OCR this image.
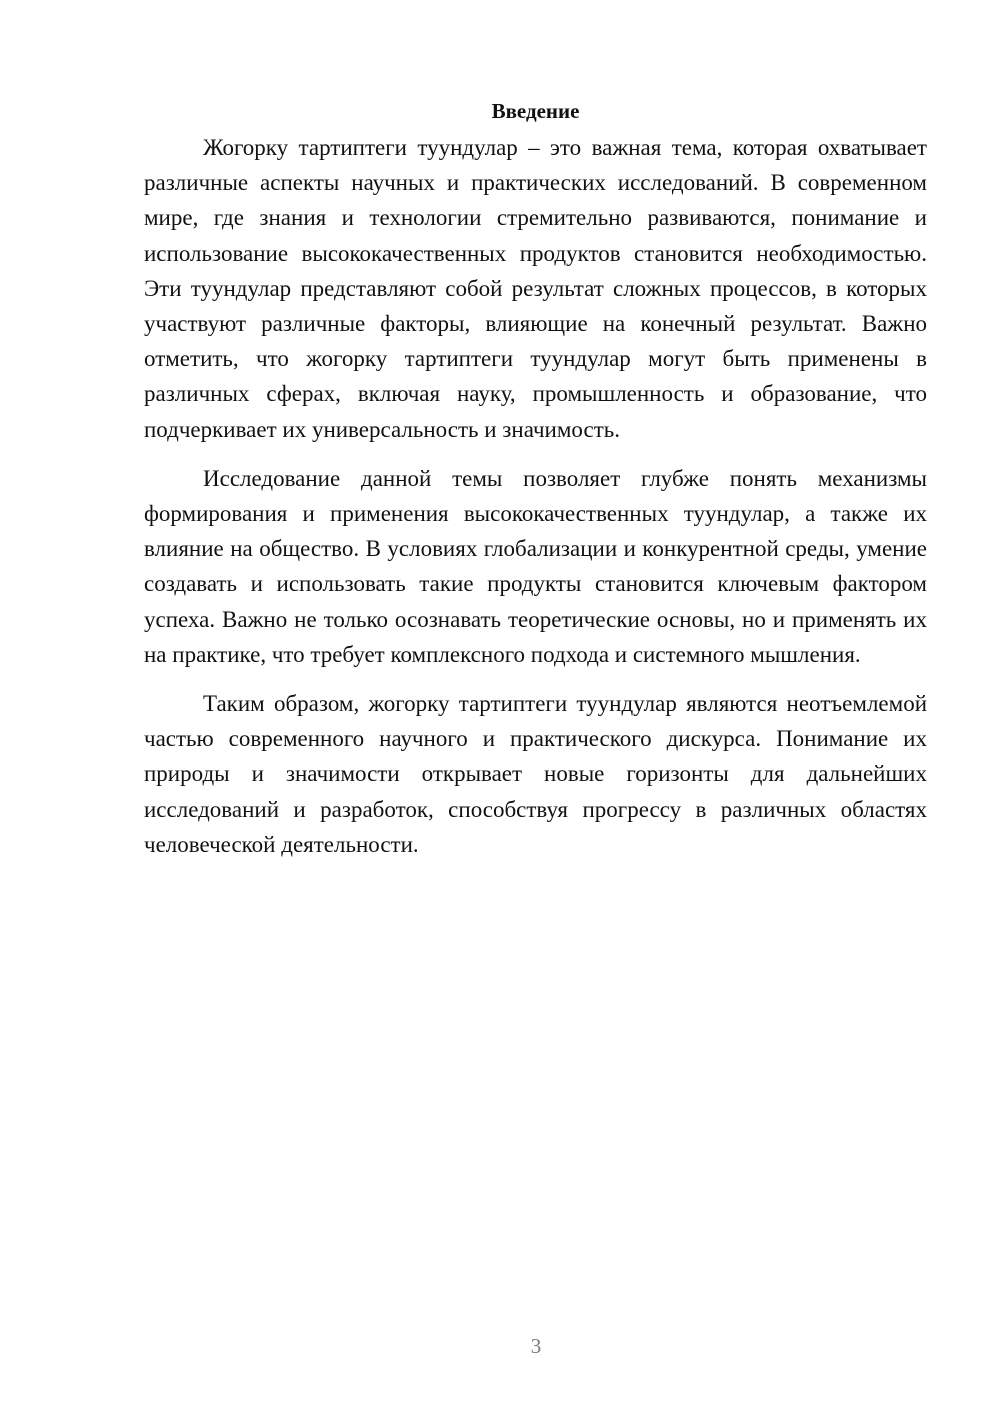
Введение

Жогорку тартиптеги туундулар – это важная тема, которая охватывает различные аспекты научных и практических исследований. В современном мире, где знания и технологии стремительно развиваются, понимание и использование высококачественных продуктов становится необходимостью. Эти туундулар представляют собой результат сложных процессов, в которых участвуют различные факторы, влияющие на конечный результат. Важно отметить, что жогорку тартиптеги туундулар могут быть применены в различных сферах, включая науку, промышленность и образование, что подчеркивает их универсальность и значимость.

Исследование данной темы позволяет глубже понять механизмы формирования и применения высококачественных туундулар, а также их влияние на общество. В условиях глобализации и конкурентной среды, умение создавать и использовать такие продукты становится ключевым фактором успеха. Важно не только осознавать теоретические основы, но и применять их на практике, что требует комплексного подхода и системного мышления.

Таким образом, жогорку тартиптеги туундулар являются неотъемлемой частью современного научного и практического дискурса. Понимание их природы и значимости открывает новые горизонты для дальнейших исследований и разработок, способствуя прогрессу в различных областях человеческой деятельности.

3
